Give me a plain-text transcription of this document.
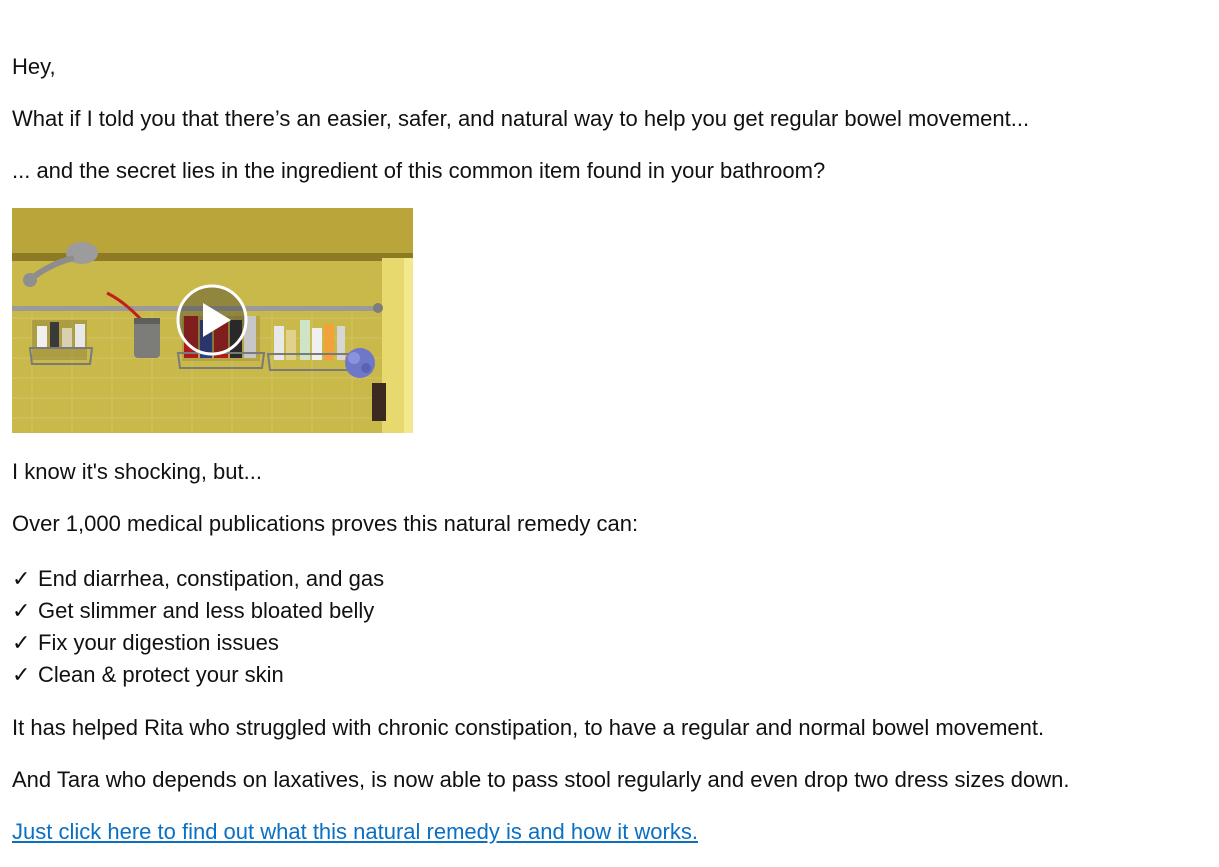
Hey,

What if I told you that there’s an easier, safer, and natural way to help you get regular bowel movement...

... and the secret lies in the ingredient of this common item found in your bathroom?

I know it's shocking, but...

Over 1,000 medical publications proves this natural remedy can:

✓ End diarrhea, constipation, and gas
✓ Get slimmer and less bloated belly
✓ Fix your digestion issues
✓ Clean & protect your skin

It has helped Rita who struggled with chronic constipation, to have a regular and normal bowel movement.

And Tara who depends on laxatives, is now able to pass stool regularly and even drop two dress sizes down.

Just click here to find out what this natural remedy is and how it works.
